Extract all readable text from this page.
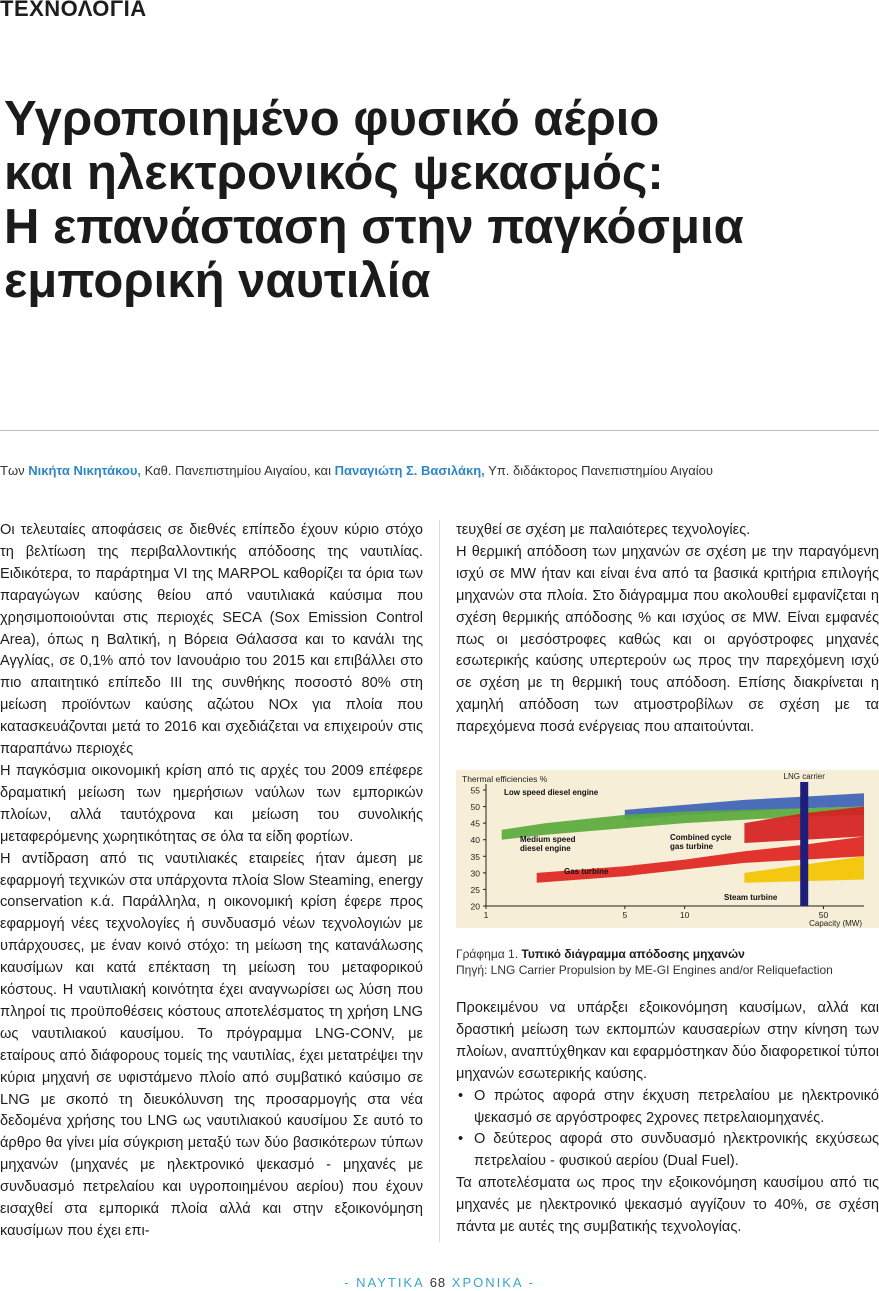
ΤΕΧΝΟΛΟΓΙΑ
Υγροποιημένο φυσικό αέριο
και ηλεκτρονικός ψεκασμός:
Η επανάσταση στην παγκόσμια
εμπορική ναυτιλία
Των Νικήτα Νικητάκου, Καθ. Πανεπιστημίου Αιγαίου, και Παναγιώτη Σ. Βασιλάκη, Υπ. διδάκτορος Πανεπιστημίου Αιγαίου

Οι τελευταίες αποφάσεις σε διεθνές επίπεδο έχουν κύριο στόχο τη βελτίωση της περιβαλλοντικής απόδοσης της ναυτιλίας. Ειδικότερα, το παράρτημα VI της MARPOL καθορίζει τα όρια των παραγώγων καύσης θείου από ναυτιλιακά καύσιμα που χρησιμοποιούνται στις περιοχές SECA (Sox Emission Control Area), όπως η Βαλτική, η Βόρεια Θάλασσα και το κανάλι της Αγγλίας, σε 0,1% από τον Ιανουάριο του 2015 και επιβάλλει στο πιο απαιτητικό επίπεδο III της συνθήκης ποσοστό 80% στη μείωση προϊόντων καύσης αζώτου NOx για πλοία που κατασκευάζονται μετά το 2016 και σχεδιάζεται να επιχειρούν στις παραπάνω περιοχές

Η παγκόσμια οικονομική κρίση από τις αρχές του 2009 επέφερε δραματική μείωση των ημερήσιων ναύλων των εμπορικών πλοίων, αλλά ταυτόχρονα και μείωση του συνολικής μεταφερόμενης χωρητικότητας σε όλα τα είδη φορτίων.

Η αντίδραση από τις ναυτιλιακές εταιρείες ήταν άμεση με εφαρμογή τεχνικών στα υπάρχοντα πλοία Slow Steaming, energy conservation κ.ά. Παράλληλα, η οικονομική κρίση έφερε προς εφαρμογή νέες τεχνολογίες ή συνδυασμό νέων τεχνολογιών με υπάρχουσες, με έναν κοινό στόχο: τη μείωση της κατανάλωσης καυσίμων και κατά επέκταση τη μείωση του μεταφορικού κόστους. Η ναυτιλιακή κοινότητα έχει αναγνωρίσει ως λύση που πληροί τις προϋποθέσεις κόστους αποτελέσματος τη χρήση LNG ως ναυτιλιακού καυσίμου. Το πρόγραμμα LNG-CONV, με εταίρους από διάφορους τομείς της ναυτιλίας, έχει μετατρέψει την κύρια μηχανή σε υφιστάμενο πλοίο από συμβατικό καύσιμο σε LNG με σκοπό τη διευκόλυνση της προσαρμογής στα νέα δεδομένα χρήσης του LNG ως ναυτιλιακού καυσίμου Σε αυτό το άρθρο θα γίνει μία σύγκριση μεταξύ των δύο βασικότερων τύπων μηχανών (μηχανές με ηλεκτρονικό ψεκασμό - μηχανές με συνδυασμό πετρελαίου και υγροποιημένου αερίου) που έχουν εισαχθεί στα εμπορικά πλοία αλλά και στην εξοικονόμηση καυσίμων που έχει επι-

τευχθεί σε σχέση με παλαιότερες τεχνολογίες.

Η θερμική απόδοση των μηχανών σε σχέση με την παραγόμενη ισχύ σε MW ήταν και είναι ένα από τα βασικά κριτήρια επιλογής μηχανών στα πλοία. Στο διάγραμμα που ακολουθεί εμφανίζεται η σχέση θερμικής απόδοσης % και ισχύος σε MW. Είναι εμφανές πως οι μεσόστροφες καθώς και οι αργόστροφες μηχανές εσωτερικής καύσης υπερτερούν ως προς την παρεχόμενη ισχύ σε σχέση με τη θερμική τους απόδοση. Επίσης διακρίνεται η χαμηλή απόδοση των ατμοστροβίλων σε σχέση με τα παρεχόμενα ποσά ενέργειας που απαιτούνται.

20
25
30
35
40
45
50
55
1	5	10	50
Capacity (MW)
Thermal efficiencies %	LNG carrier
Low speed diesel engine
Medium speed diesel engine
Combined cycle gas turbine
Gas turbine
Steam turbine
Γράφημα 1. Τυπικό διάγραμμα απόδοσης μηχανών
Πηγή: LNG Carrier Propulsion by ME-GI Engines and/or Reliquefaction

Προκειμένου να υπάρξει εξοικονόμηση καυσίμων, αλλά και δραστική μείωση των εκπομπών καυσαερίων στην κίνηση των πλοίων, αναπτύχθηκαν και εφαρμόστηκαν δύο διαφορετικοί τύποι μηχανών εσωτερικής καύσης.

• Ο πρώτος αφορά στην έκχυση πετρελαίου με ηλεκτρονικό ψεκασμό σε αργόστροφες 2χρονες πετρελαιομηχανές.
• Ο δεύτερος αφορά στο συνδυασμό ηλεκτρονικής εκχύσεως πετρελαίου - φυσικού αερίου (Dual Fuel).

Τα αποτελέσματα ως προς την εξοικονόμηση καυσίμου από τις μηχανές με ηλεκτρονικό ψεκασμό αγγίζουν το 40%, σε σχέση πάντα με αυτές της συμβατικής τεχνολογίας.

- ΝΑΥΤΙΚΑ 68 ΧΡΟΝΙΚΑ -
